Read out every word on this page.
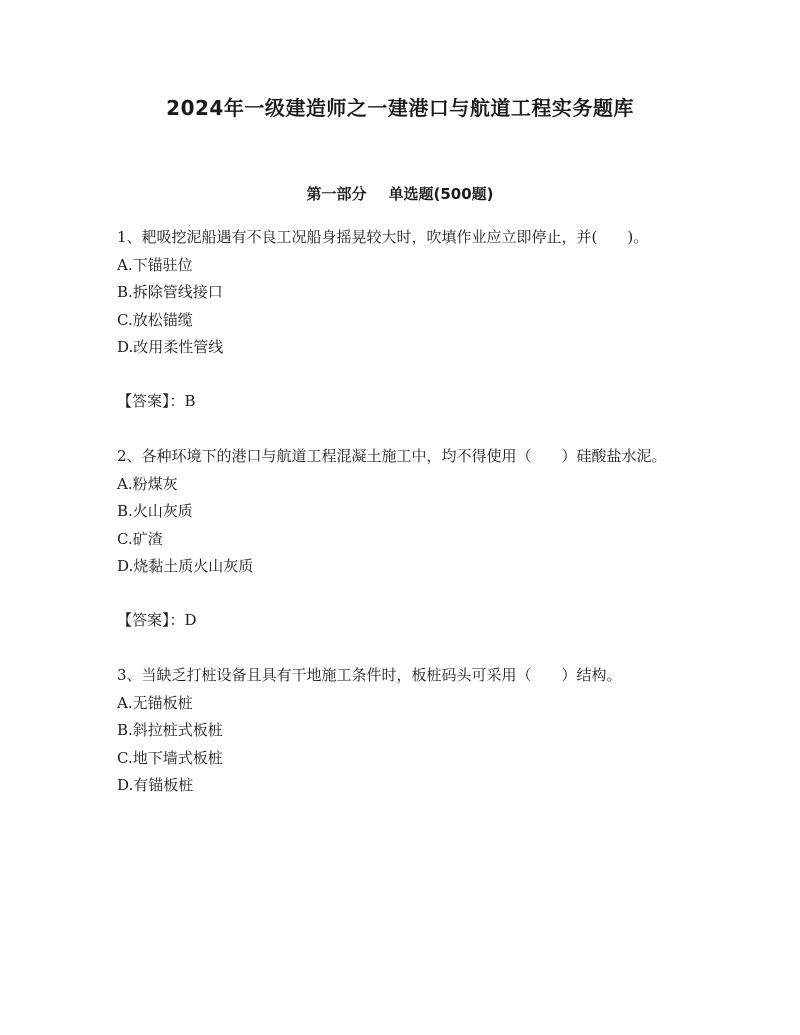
2024年一级建造师之一建港口与航道工程实务题库
第一部分 单选题(500题)

1、耙吸挖泥船遇有不良工况船身摇晃较大时，吹填作业应立即停止，并(　　)。

A.下锚驻位

B.拆除管线接口

C.放松锚缆

D.改用柔性管线

【答案】：B

2、各种环境下的港口与航道工程混凝土施工中，均不得使用（　　）硅酸盐水泥。

A.粉煤灰

B.火山灰质

C.矿渣

D.烧黏土质火山灰质

【答案】：D

3、当缺乏打桩设备且具有干地施工条件时，板桩码头可采用（　　）结构。

A.无锚板桩

B.斜拉桩式板桩

C.地下墙式板桩

D.有锚板桩
